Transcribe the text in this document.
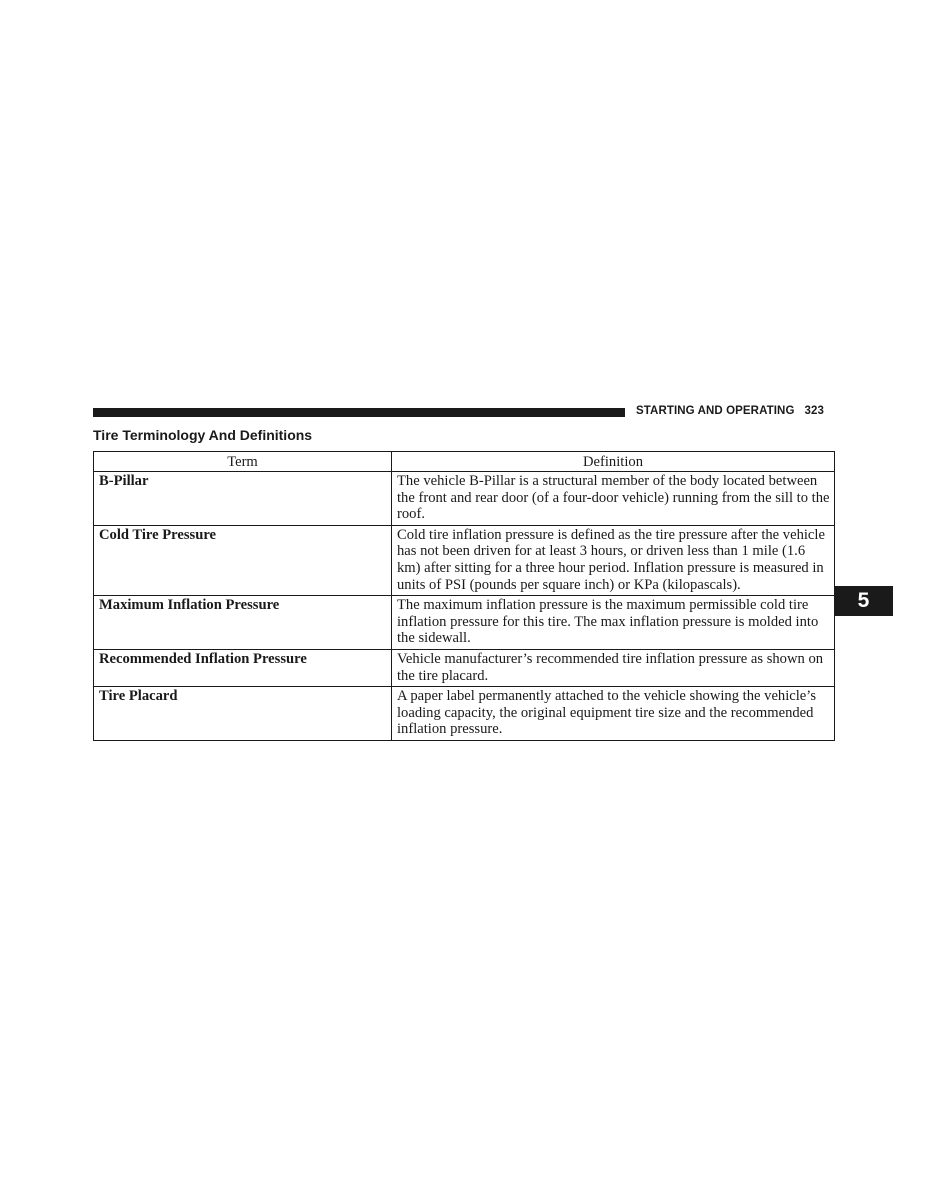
STARTING AND OPERATING 323
Tire Terminology And Definitions
Term	Definition
B-Pillar	The vehicle B-Pillar is a structural member of the body located between the front and rear door (of a four-door vehicle) running from the sill to the roof.
Cold Tire Pressure	Cold tire inflation pressure is defined as the tire pressure after the vehicle has not been driven for at least 3 hours, or driven less than 1 mile (1.6 km) after sitting for a three hour period. Inflation pressure is measured in units of PSI (pounds per square inch) or KPa (kilopascals).
Maximum Inflation Pressure	The maximum inflation pressure is the maximum permissible cold tire inflation pressure for this tire. The max inflation pressure is molded into the sidewall.
Recommended Inflation Pressure	Vehicle manufacturer’s recommended tire inflation pressure as shown on the tire placard.
Tire Placard	A paper label permanently attached to the vehicle showing the vehicle’s loading capacity, the original equipment tire size and the recommended inflation pressure.
5
